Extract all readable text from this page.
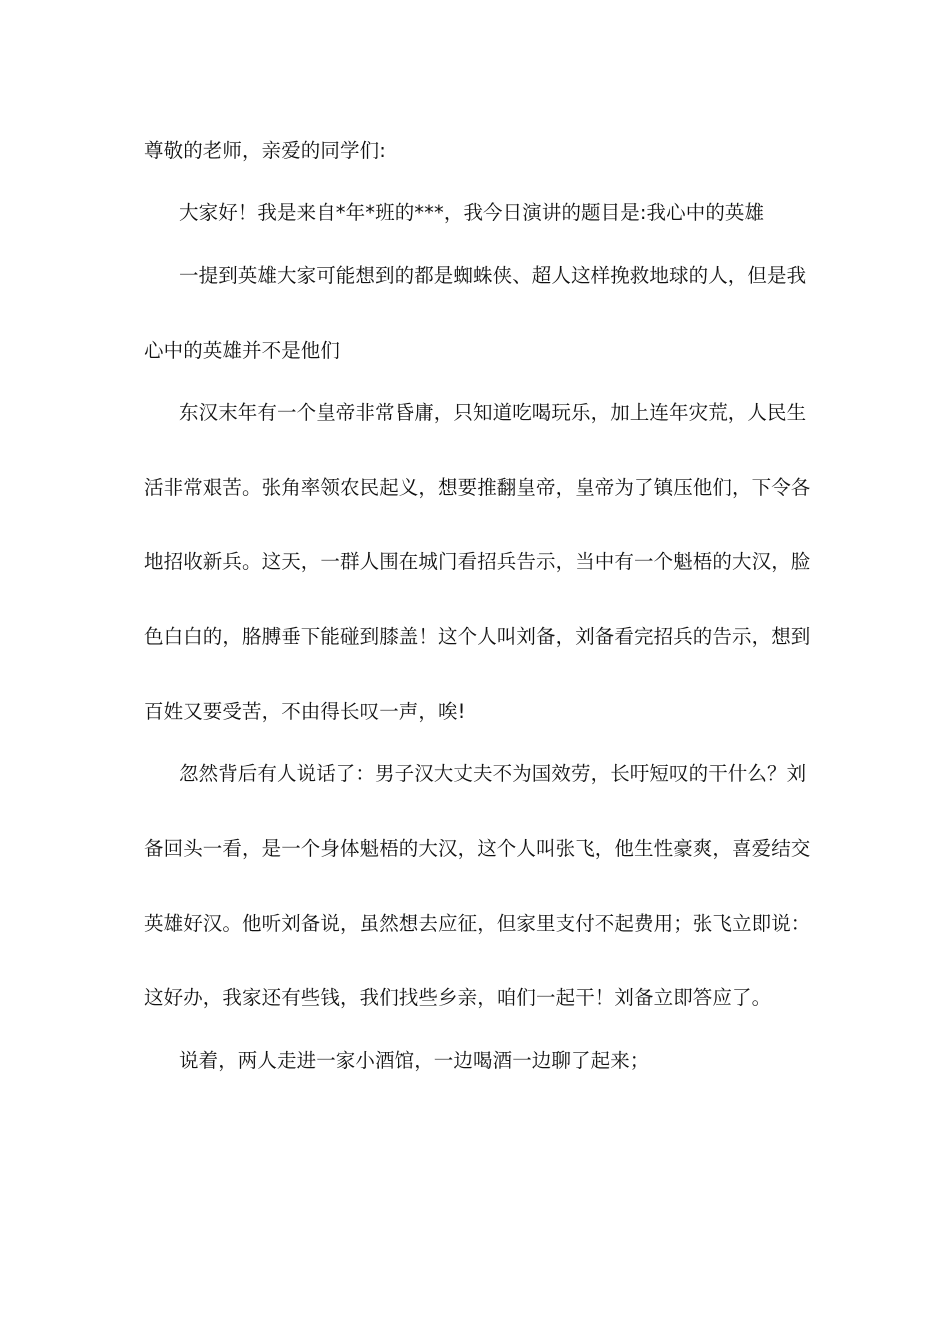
尊敬的老师，亲爱的同学们:
大家好！我是来自*年*班的***，我今日演讲的题目是:我心中的英雄
一提到英雄大家可能想到的都是蜘蛛侠、超人这样挽救地球的人，但是我
心中的英雄并不是他们
东汉末年有一个皇帝非常昏庸，只知道吃喝玩乐，加上连年灾荒，人民生
活非常艰苦。张角率领农民起义，想要推翻皇帝，皇帝为了镇压他们，下令各
地招收新兵。这天，一群人围在城门看招兵告示，当中有一个魁梧的大汉，脸
色白白的，胳膊垂下能碰到膝盖！这个人叫刘备，刘备看完招兵的告示，想到
百姓又要受苦，不由得长叹一声，唉!
忽然背后有人说话了：男子汉大丈夫不为国效劳，长吁短叹的干什么？刘
备回头一看，是一个身体魁梧的大汉，这个人叫张飞，他生性豪爽，喜爱结交
英雄好汉。他听刘备说，虽然想去应征，但家里支付不起费用；张飞立即说：
这好办，我家还有些钱，我们找些乡亲，咱们一起干！刘备立即答应了。
说着，两人走进一家小酒馆，一边喝酒一边聊了起来；
